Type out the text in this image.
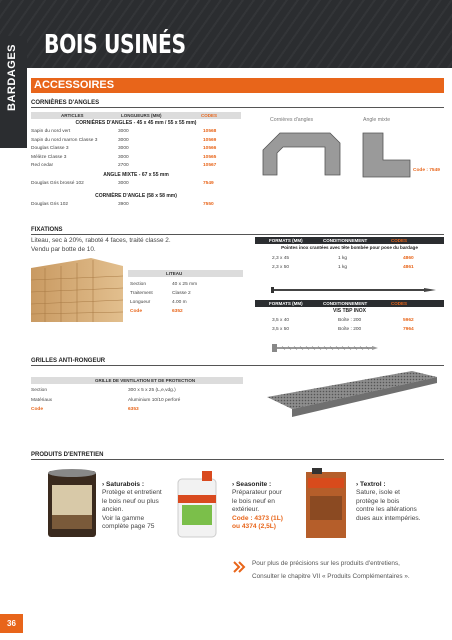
BOIS USINÉS
BARDAGES ACCESSOIRES
CORNIÈRES D'ANGLES
ARTICLES	LONGUEURS (MM)	CODES
CORNIÈRES D'ANGLES - 45 x 45 mm / 55 x 55 mm)
Sapin du nord vert	3000	10568
Sapin du nord marron Classe 3	3000	10569
Douglas Classe 3	3000	10566
Mélèze Classe 3	3000	10565
Red cedar	2700	10567
ANGLE MIXTE - 67 x 55 mm
Douglas Gris brossé 102	3000	7549
CORNIÈRE D'ANGLE (58 x 58 mm)
Douglas Gris 102	3900	7550
Cornières d'angles	Angle mixte
Code : 7549
FIXATIONS
Liteau, sec à 20%, raboté 4 faces, traité classe 2.
Vendu par botte de 10.
LITEAU
Section	40 x 25 mm
Traitement	Classe 2
Longueur	4.00 m
Code	6352
FORMATS (MM)	CONDITIONNEMENT	CODES
Pointes inox crantées avec tête bombée pour pose du bardage
2,3 x 45	1 kg	4860
2,3 x 50	1 kg	4861
FORMATS (MM)	CONDITIONNEMENT	CODES
VIS TBP INOX
3,5 x 40	Boîte : 200	5962
3,5 x 50	Boîte : 200	7964
GRILLES ANTI-RONGEUR
GRILLE DE VENTILATION ET DE PROTECTION
Section	300 x 5 x 25 (L,e,vdg.)
Matériaux	Aluminium 10/10 perforé
Code	6353
PRODUITS D'ENTRETIEN
› Saturabois :
Protège et entretient
le bois neuf ou plus
ancien.
Voir la gamme
complète page 75
› Seasonite :
Préparateur pour
le bois neuf en
extérieur.
Code : 4373 (1L)
ou 4374 (2,5L)
› Textrol :
Sature, isole et
protège le bois
contre les altérations
dues aux intempéries.
Pour plus de précisions sur les produits d'entretiens,
Consulter le chapitre VII « Produits Complémentaires ».
36
